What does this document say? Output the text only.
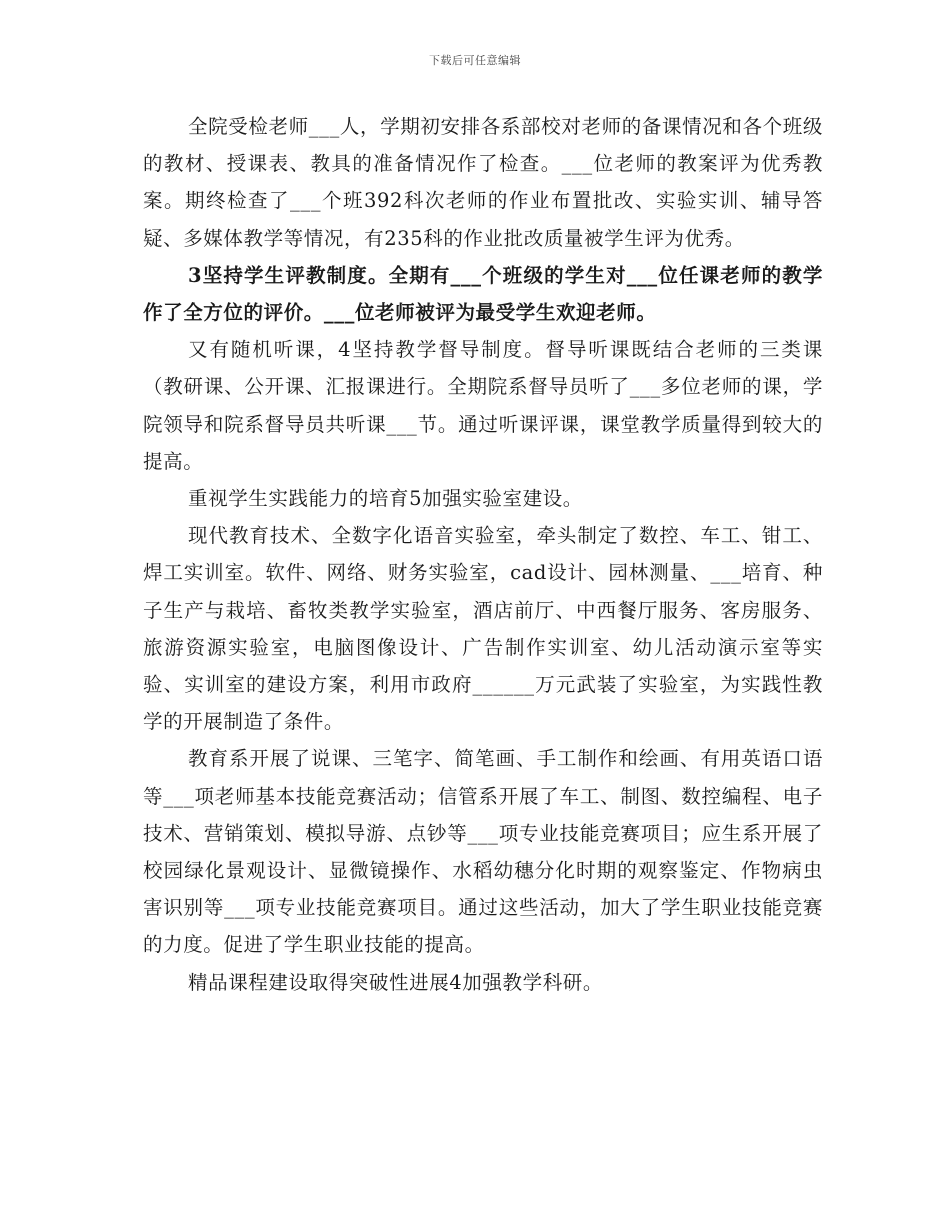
下载后可任意编辑

全院受检老师___人，学期初安排各系部校对老师的备课情况和各个班级的教材、授课表、教具的准备情况作了检查。___位老师的教案评为优秀教案。期终检查了___个班392科次老师的作业布置批改、实验实训、辅导答疑、多媒体教学等情况，有235科的作业批改质量被学生评为优秀。

3坚持学生评教制度。全期有___个班级的学生对___位任课老师的教学作了全方位的评价。___位老师被评为最受学生欢迎老师。

又有随机听课，4坚持教学督导制度。督导听课既结合老师的三类课（教研课、公开课、汇报课进行。全期院系督导员听了___多位老师的课，学院领导和院系督导员共听课___节。通过听课评课，课堂教学质量得到较大的提高。

重视学生实践能力的培育5加强实验室建设。

现代教育技术、全数字化语音实验室，牵头制定了数控、车工、钳工、焊工实训室。软件、网络、财务实验室，cad设计、园林测量、___培育、种子生产与栽培、畜牧类教学实验室，酒店前厅、中西餐厅服务、客房服务、旅游资源实验室，电脑图像设计、广告制作实训室、幼儿活动演示室等实验、实训室的建设方案，利用市政府______万元武装了实验室，为实践性教学的开展制造了条件。

教育系开展了说课、三笔字、简笔画、手工制作和绘画、有用英语口语等___项老师基本技能竞赛活动；信管系开展了车工、制图、数控编程、电子技术、营销策划、模拟导游、点钞等___项专业技能竞赛项目；应生系开展了校园绿化景观设计、显微镜操作、水稻幼穗分化时期的观察鉴定、作物病虫害识别等___项专业技能竞赛项目。通过这些活动，加大了学生职业技能竞赛的力度。促进了学生职业技能的提高。

精品课程建设取得突破性进展4加强教学科研。
